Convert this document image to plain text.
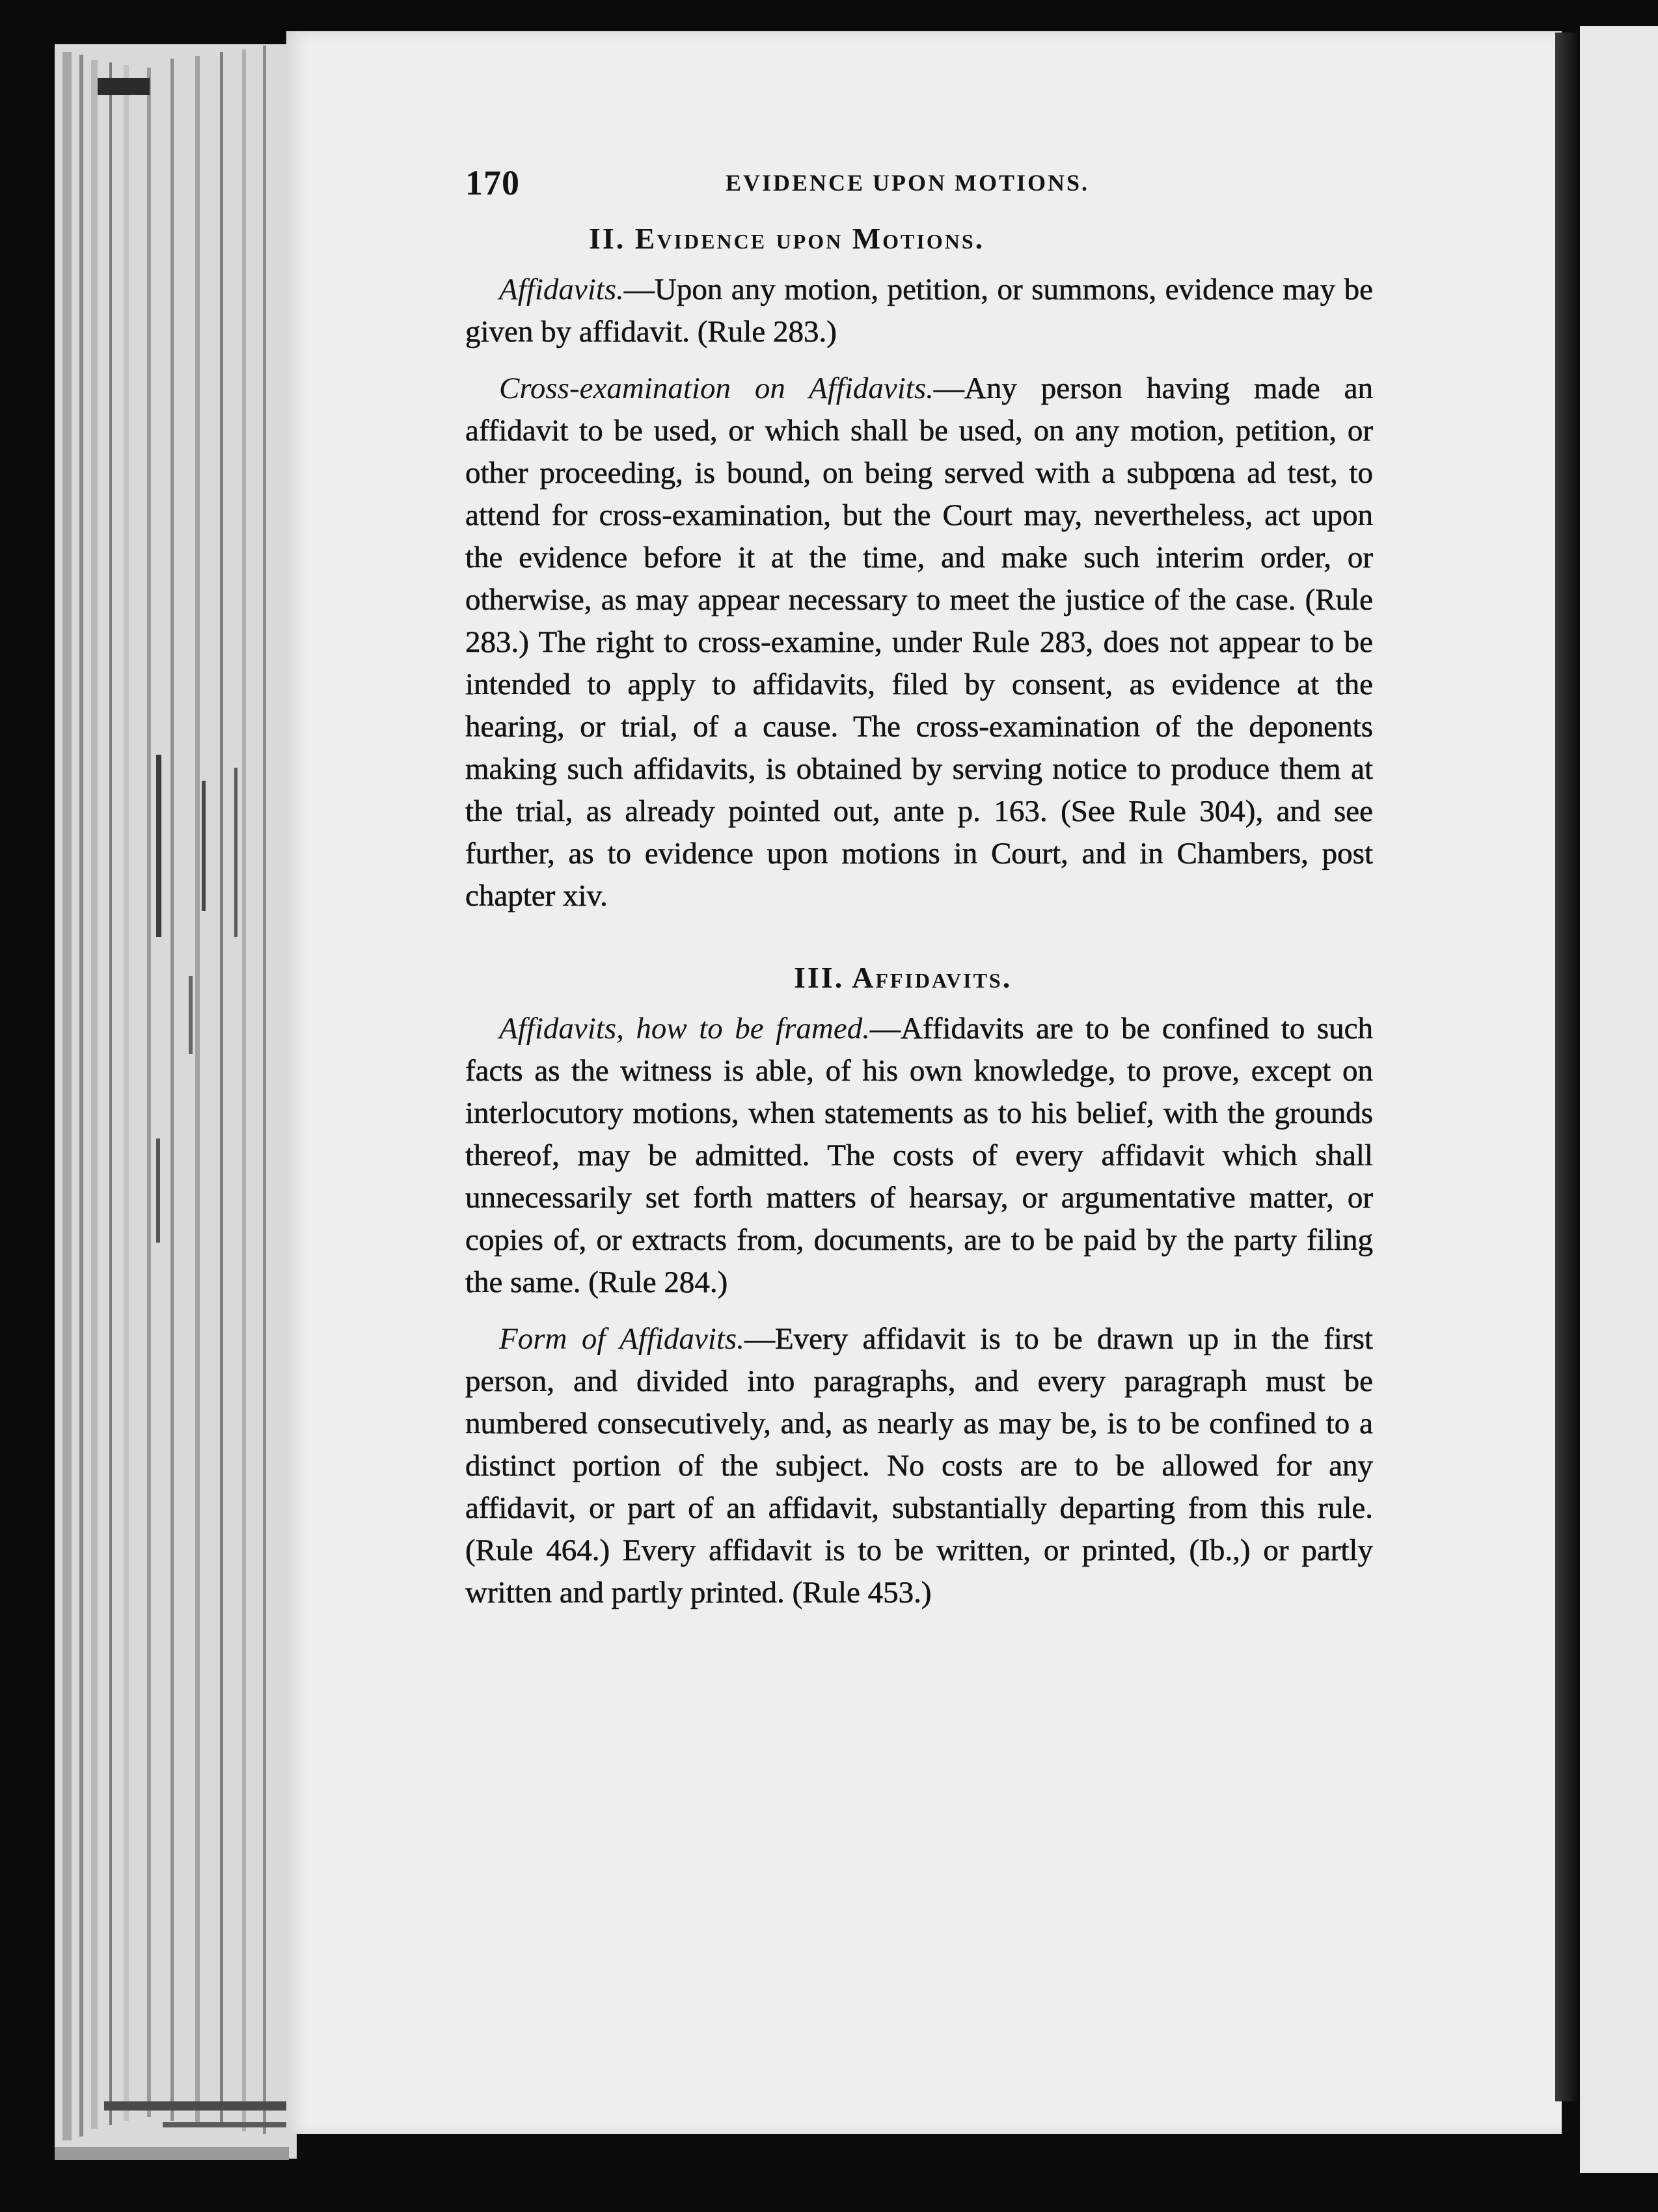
170	EVIDENCE UPON MOTIONS.
II. Evidence upon Motions.

Affidavits.—Upon any motion, petition, or summons, evidence may be given by affidavit. (Rule 283.)

Cross-examination on Affidavits.—Any person having made an affidavit to be used, or which shall be used, on any motion, petition, or other proceeding, is bound, on being served with a subpœna ad test, to attend for cross-examination, but the Court may, nevertheless, act upon the evidence before it at the time, and make such interim order, or otherwise, as may appear necessary to meet the justice of the case. (Rule 283.) The right to cross-examine, under Rule 283, does not appear to be intended to apply to affidavits, filed by consent, as evidence at the hearing, or trial, of a cause. The cross-examination of the deponents making such affidavits, is obtained by serving notice to produce them at the trial, as already pointed out, ante p. 163. (See Rule 304), and see further, as to evidence upon motions in Court, and in Chambers, post chapter xiv.

III. Affidavits.

Affidavits, how to be framed.—Affidavits are to be confined to such facts as the witness is able, of his own knowledge, to prove, except on interlocutory motions, when statements as to his belief, with the grounds thereof, may be admitted. The costs of every affidavit which shall unnecessarily set forth matters of hearsay, or argumentative matter, or copies of, or extracts from, documents, are to be paid by the party filing the same. (Rule 284.)

Form of Affidavits.—Every affidavit is to be drawn up in the first person, and divided into paragraphs, and every paragraph must be numbered consecutively, and, as nearly as may be, is to be confined to a distinct portion of the subject. No costs are to be allowed for any affidavit, or part of an affidavit, substantially departing from this rule. (Rule 464.) Every affidavit is to be written, or printed, (Ib.,) or partly written and partly printed. (Rule 453.)
